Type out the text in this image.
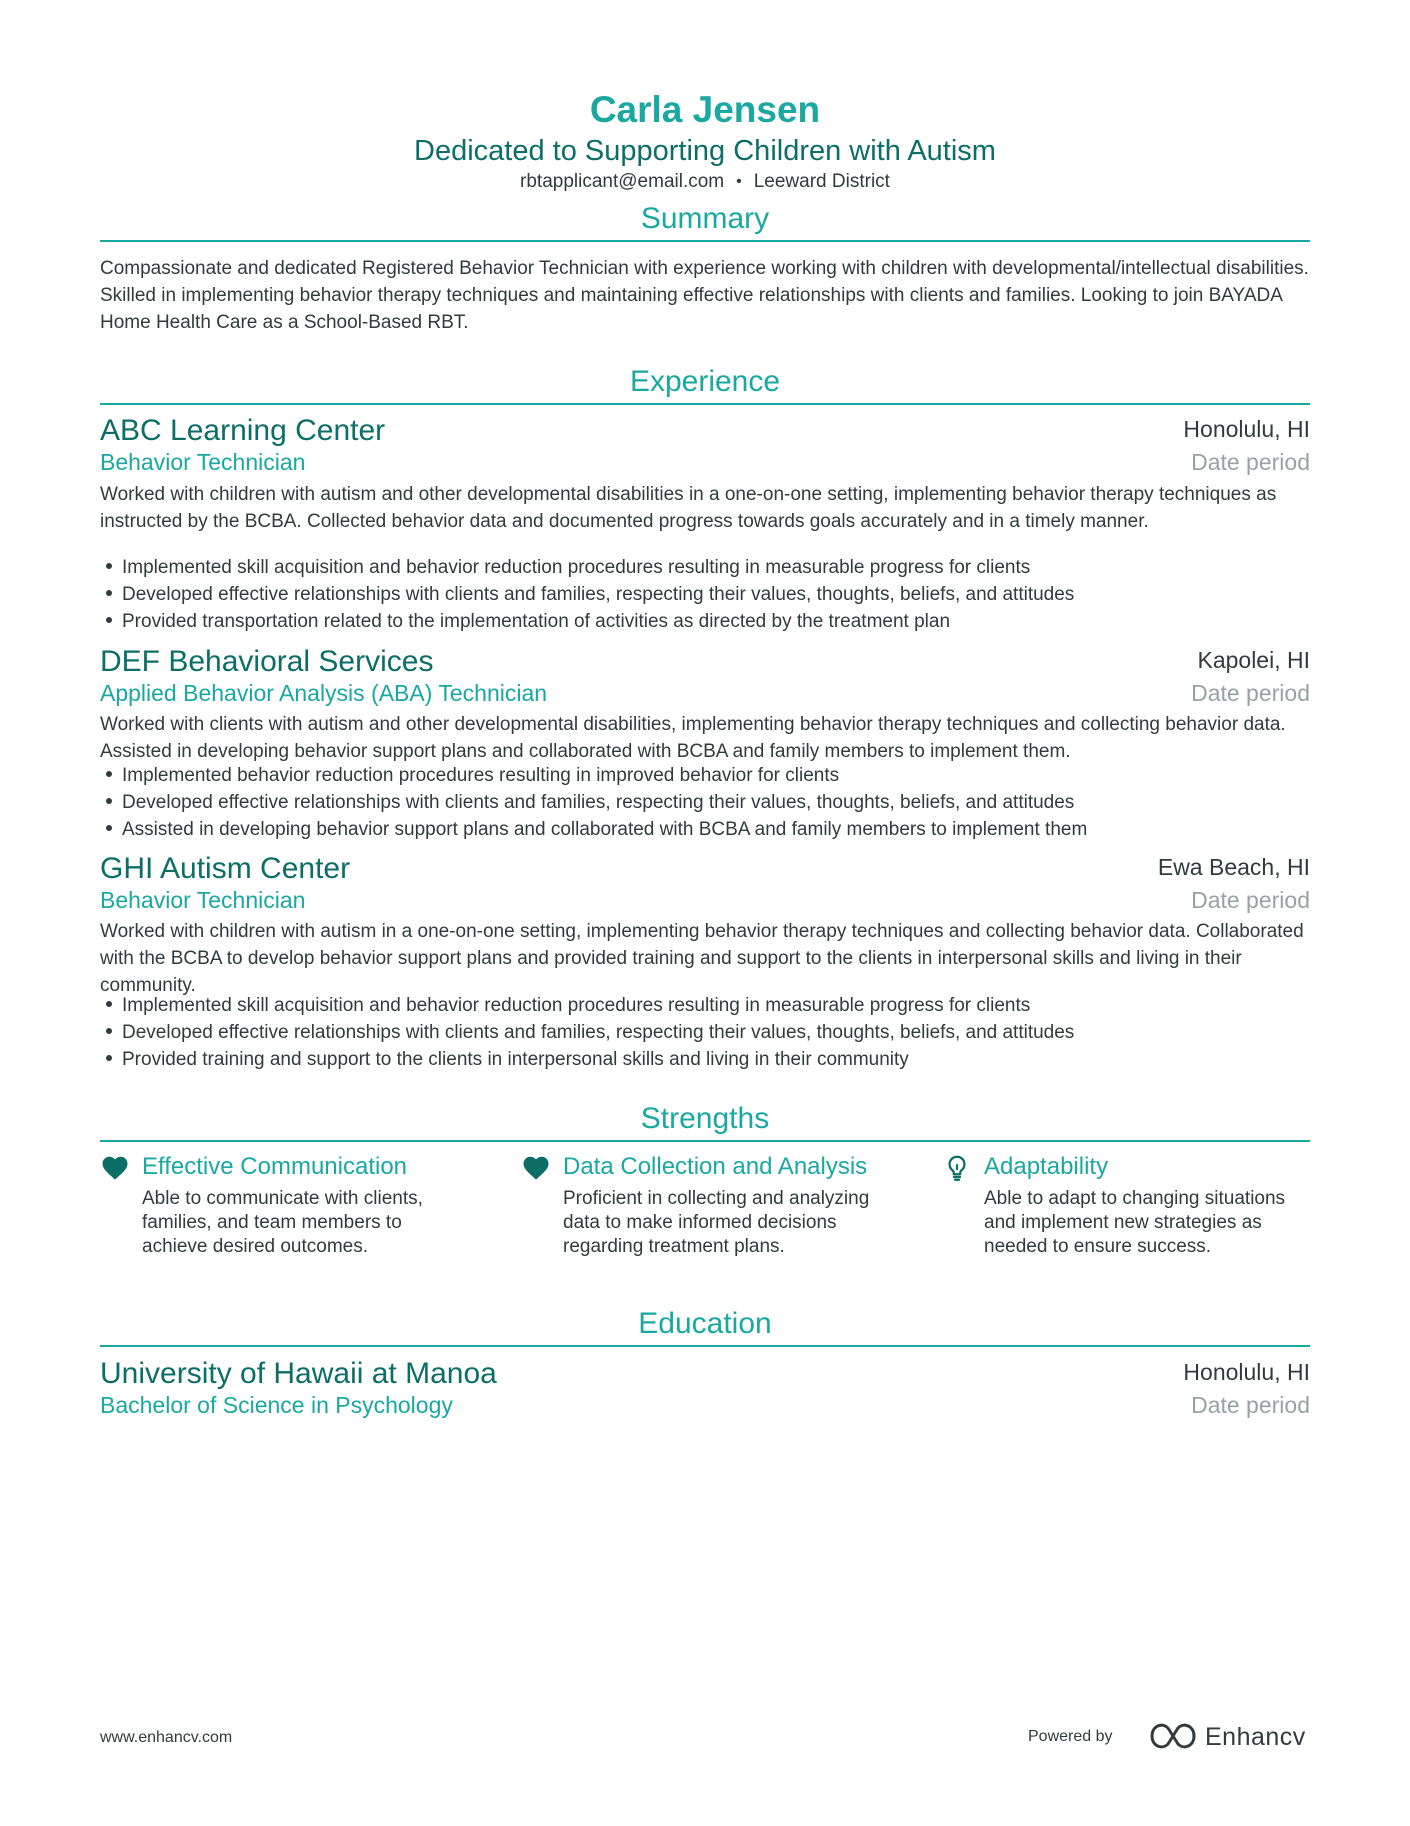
Carla Jensen
Dedicated to Supporting Children with Autism
rbtapplicant@email.com • Leeward District
Summary
Compassionate and dedicated Registered Behavior Technician with experience working with children with developmental/intellectual disabilities. Skilled in implementing behavior therapy techniques and maintaining effective relationships with clients and families. Looking to join BAYADA Home Health Care as a School-Based RBT.
Experience
ABC Learning Center	Honolulu, HI
Behavior Technician	Date period
Worked with children with autism and other developmental disabilities in a one-on-one setting, implementing behavior therapy techniques as instructed by the BCBA. Collected behavior data and documented progress towards goals accurately and in a timely manner.
Implemented skill acquisition and behavior reduction procedures resulting in measurable progress for clients
Developed effective relationships with clients and families, respecting their values, thoughts, beliefs, and attitudes
Provided transportation related to the implementation of activities as directed by the treatment plan
DEF Behavioral Services	Kapolei, HI
Applied Behavior Analysis (ABA) Technician	Date period
Worked with clients with autism and other developmental disabilities, implementing behavior therapy techniques and collecting behavior data. Assisted in developing behavior support plans and collaborated with BCBA and family members to implement them.
Implemented behavior reduction procedures resulting in improved behavior for clients
Developed effective relationships with clients and families, respecting their values, thoughts, beliefs, and attitudes
Assisted in developing behavior support plans and collaborated with BCBA and family members to implement them
GHI Autism Center	Ewa Beach, HI
Behavior Technician	Date period
Worked with children with autism in a one-on-one setting, implementing behavior therapy techniques and collecting behavior data. Collaborated with the BCBA to develop behavior support plans and provided training and support to the clients in interpersonal skills and living in their community.
Implemented skill acquisition and behavior reduction procedures resulting in measurable progress for clients
Developed effective relationships with clients and families, respecting their values, thoughts, beliefs, and attitudes
Provided training and support to the clients in interpersonal skills and living in their community
Strengths
Effective Communication
Able to communicate with clients, families, and team members to achieve desired outcomes.
Data Collection and Analysis
Proficient in collecting and analyzing data to make informed decisions regarding treatment plans.
Adaptability
Able to adapt to changing situations and implement new strategies as needed to ensure success.
Education
University of Hawaii at Manoa	Honolulu, HI
Bachelor of Science in Psychology	Date period
www.enhancv.com	Powered by	Enhancv
